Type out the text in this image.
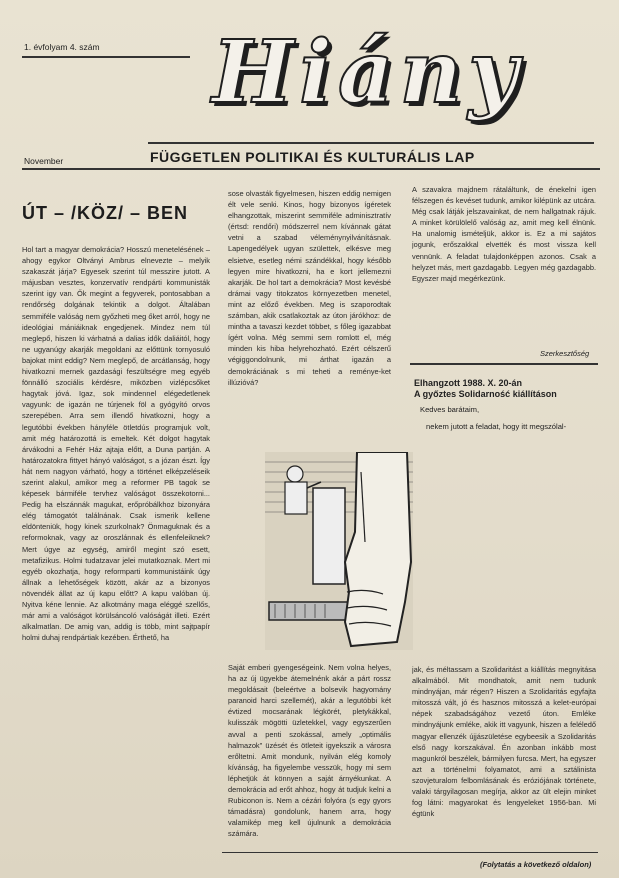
1. évfolyam 4. szám Hiány
November	FÜGGETLEN POLITIKAI ÉS KULTURÁLIS LAP
ÚT – /KÖZ/ – BEN
Hol tart a magyar demokrácia? Hosszú menetelésének – ahogy egykor Oltványi Ambrus elnevezte – melyik szakaszát járja? Egyesek szerint túl messzire jutott. A májusban vesztes, konzervatív rendpárti kommunisták szerint igy van. Ők megint a fegyverek, pontosabban a rendőrség dolgának tekintik a dolgot. Általában semmiféle valóság nem győzheti meg őket arról, hogy ne ideológiai mániáiknak engedjenek. Mindez nem túl meglepő, hiszen ki várhatná a dalias idők daliáitól, hogy ne ugyanúgy akarják megoldani az előttünk tornyosuló bajokat mint eddig? Nem meglepő, de arcátlanság, hogy hivatkozni mernek gazdasági feszültségre meg egyéb fönnálló szociális kérdésre, miközben vizlépcsőket hagytak jóvá. Igaz, sok mindennel elégedetlenek vagyunk: de igazán ne túrjenek föl a gyógyító orvos szerepében. Arra sem illendő hivatkozni, hogy a legutóbbi években hányféle ötletdús programjuk volt, amit még határozottá is emeltek. Két dolgot hagytak árvákodni a Fehér Ház ajtaja előtt, a Duna partján. A határozatokra fittyet hányó valóságot, s a józan észt. Így hát nem nagyon várható, hogy a történet elképzeléseik szerint alakul, amikor meg a reformer PB tagok se képesek bármiféle tervhez valóságot összekotorni... Pedig ha elszánnák magukat, erőpróbálkhoz bizonyára elég támogatót találnának. Csak ismerik kellene eldönteniük, hogy kinek szurkolnak? Önmaguknak és a reformoknak, vagy az oroszlánnak és ellenfeleiknek? Mert úgye az egység, amiről megint szó esett, metafizikus. Holmi tudatzavar jelei mutatkoznak. Mert mi egyéb okozhatja, hogy reformparti kommunistáink úgy állnak a lehetőségek között, akár az a bizonyos növendék állat az új kapu előtt? A kapu valóban új. Nyitva kéne lennie. Az alkotmány maga eléggé szellős, már ami a valóságot körülsáncoló valóságát illeti. Ezért alkalmatlan. De amig van, addig is több, mint sajtpapír holmi duhaj rendpártiak kezében. Érthető, ha
sose olvasták figyelmesen, hiszen eddig nemigen élt vele senki. Kinos, hogy bizonyos ígéretek elhangzottak, miszerint semmiféle adminisztratív (értsd: rendőri) módszerrel nem kívánnak gátat vetni a szabad véleménynyilvánításnak. Lapengedélyek ugyan születtek, elkésve meg elsietve, esetleg némi szándékkal, hogy később legyen mire hivatkozni, ha e kort jellemezni akarják. De hol tart a demokrácia? Most kevésbé drámai vagy titokzatos környezetben menetel, mint az előző években. Meg is szaporodtak számban, akik csatlakoztak az úton járókhoz: de mintha a tavaszi kezdet többet, s főleg igazabbat ígért volna. Még semmi sem romlott el, még minden kis hiba helyrehozható. Ezért célszerű végiggondolnunk, mi árthat igazán a demokráciának s mi teheti a reménye-ket illúzióvá?
Saját emberi gyengeségeink. Nem volna helyes, ha az új ügyekbe átemelnénk akár a párt rossz megoldásait (beleértve a bolsevik hagyomány paranoid harci szellemét), akár a legutóbbi két évtized mocsarának légkörét, pletykákkal, kulisszák mögötti üzletekkel, vagy egyszerűen avval a penti szokással, amely „optimális halmazok" üzését és ötleteit igyekszik a városra erőltetni. Amit mondunk, nyilván elég komoly kívánság, ha figyelembe vesszük, hogy mi sem léphetjük át könnyen a saját árnyékunkat. A demokrácia ad erőt ahhoz, hogy át tudjuk kelni a Rubiconon is. Nem a cézári folyóra (s egy gyors támadásra) gondolunk, hanem arra, hogy valamikép meg kell újulnunk a demokrácia számára.
A szavakra majdnem rátaláltunk, de énekelni igen félszegen és kevéset tudunk, amikor kilépünk az utcára. Még csak látják jelszavainkat, de nem hallgatnak rájuk. A minket körülölelő valóság az, amit meg kell élnünk. Ha unalomig ismételjük, akkor is. Ez a mi sajátos jogunk, erőszakkal elvették és most vissza kell vennünk. A feladat tulajdonképpen azonos. Csak a helyzet más, mert gazdagabb. Legyen még gazdagabb. Egyszer majd megérkezünk.
Szerkesztőség
Elhangzott 1988. X. 20-án
A győztes Solidarność kiállításon
Kedves barátaim,
nekem jutott a feladat, hogy itt megszólal-
jak, és méltassam a Szolidaritást a kiállítás megnyitása alkalmából. Mit mondhatok, amit nem tudunk mindnyájan, már régen? Hiszen a Szolidaritás egyfajta mitosszá vált, jó és hasznos mitosszá a kelet-európai népek szabadságához vezető úton. Emléke mindnyájunk emléke, akik itt vagyunk, hiszen a feléledő magyar ellenzék újjászületése egybeesik a Szolidaritás első nagy korszakával. Én azonban inkább most magunkról beszélek, bármilyen furcsa. Mert, ha egyszer azt a történelmi folyamatot, ami a sztálinista szovjeturalom felbomlásának és eróziójának története, valaki tárgyilagosan megírja, akkor az ült elejin minket fog látni: magyarokat és lengyeleket 1956-ban. Mi égtünk
(Folytatás a következő oldalon)
